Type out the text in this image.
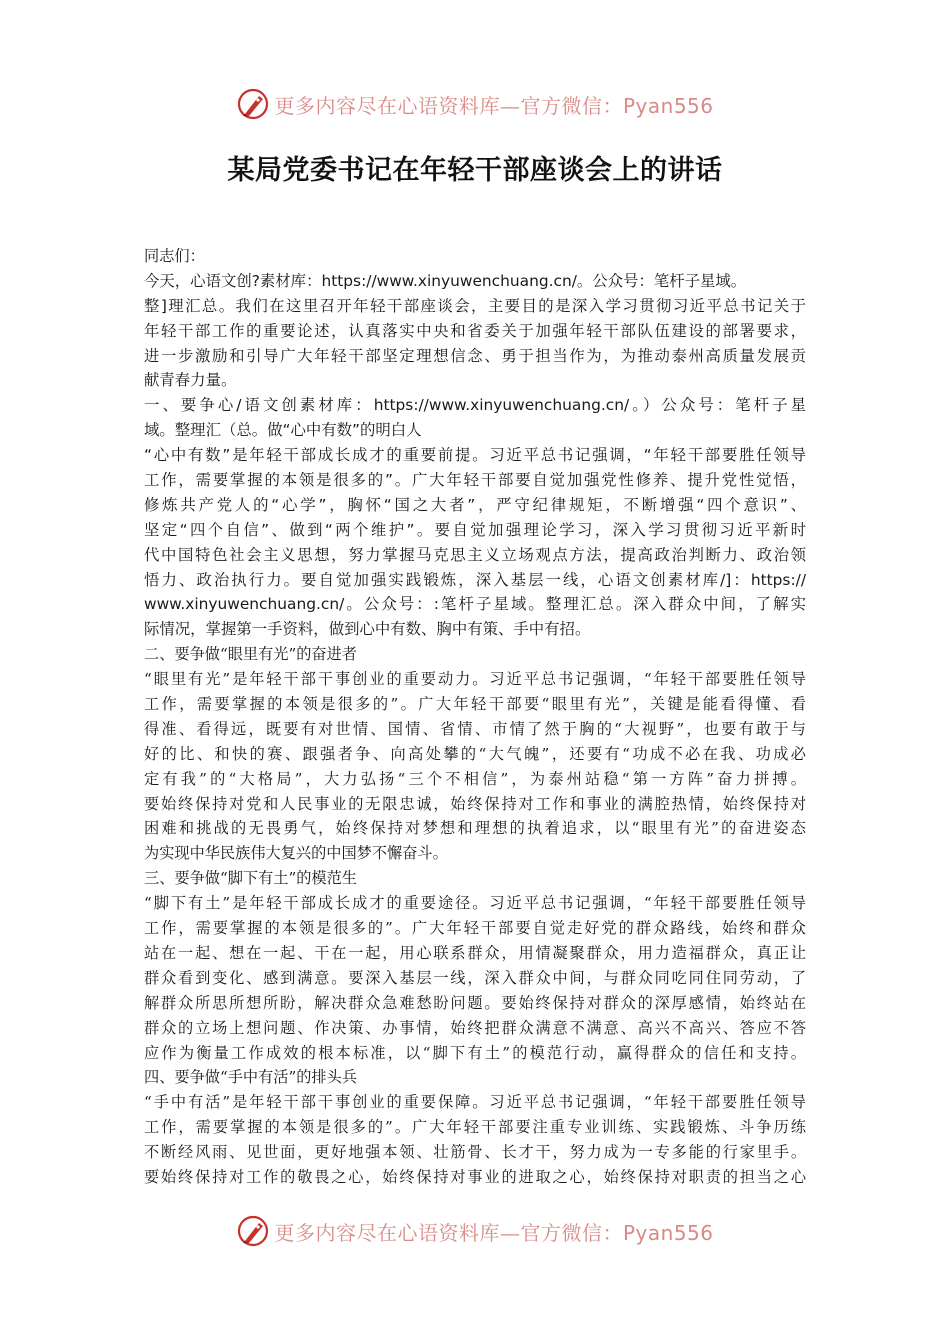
更多内容尽在心语资料库—官方微信：Pyan556
某局党委书记在年轻干部座谈会上的讲话
同志们：
今天，心语文创?素材库：https://www.xinyuwenchuang.cn/。公众号：笔杆子星域。
整]理汇总。我们在这里召开年轻干部座谈会，主要目的是深入学习贯彻习近平总书记关于
年轻干部工作的重要论述，认真落实中央和省委关于加强年轻干部队伍建设的部署要求，
进一步激励和引导广大年轻干部坚定理想信念、勇于担当作为，为推动泰州高质量发展贡
献青春力量。
一、要争心/语文创素材库：https://www.xinyuwenchuang.cn/。）公众号：笔杆子星
域。整理汇（总。做“心中有数”的明白人
“心中有数”是年轻干部成长成才的重要前提。习近平总书记强调，“年轻干部要胜任领导
工作，需要掌握的本领是很多的”。广大年轻干部要自觉加强党性修养、提升党性觉悟，
修炼共产党人的“心学”，胸怀“国之大者”，严守纪律规矩，不断增强“四个意识”、
坚定“四个自信”、做到“两个维护”。要自觉加强理论学习，深入学习贯彻习近平新时
代中国特色社会主义思想，努力掌握马克思主义立场观点方法，提高政治判断力、政治领
悟力、政治执行力。要自觉加强实践锻炼，深入基层一线，心语文创素材库/]：https://
www.xinyuwenchuang.cn/。公众号：:笔杆子星域。整理汇总。深入群众中间，了解实
际情况，掌握第一手资料，做到心中有数、胸中有策、手中有招。
二、要争做“眼里有光”的奋进者
“眼里有光”是年轻干部干事创业的重要动力。习近平总书记强调，“年轻干部要胜任领导
工作，需要掌握的本领是很多的”。广大年轻干部要“眼里有光”，关键是能看得懂、看
得准、看得远，既要有对世情、国情、省情、市情了然于胸的“大视野”，也要有敢于与
好的比、和快的赛、跟强者争、向高处攀的“大气魄”，还要有“功成不必在我、功成必
定有我”的“大格局”，大力弘扬“三个不相信”，为泰州站稳“第一方阵”奋力拼搏。
要始终保持对党和人民事业的无限忠诚，始终保持对工作和事业的满腔热情，始终保持对
困难和挑战的无畏勇气，始终保持对梦想和理想的执着追求，以“眼里有光”的奋进姿态
为实现中华民族伟大复兴的中国梦不懈奋斗。
三、要争做“脚下有土”的模范生
“脚下有土”是年轻干部成长成才的重要途径。习近平总书记强调，“年轻干部要胜任领导
工作，需要掌握的本领是很多的”。广大年轻干部要自觉走好党的群众路线，始终和群众
站在一起、想在一起、干在一起，用心联系群众，用情凝聚群众，用力造福群众，真正让
群众看到变化、感到满意。要深入基层一线，深入群众中间，与群众同吃同住同劳动，了
解群众所思所想所盼，解决群众急难愁盼问题。要始终保持对群众的深厚感情，始终站在
群众的立场上想问题、作决策、办事情，始终把群众满意不满意、高兴不高兴、答应不答
应作为衡量工作成效的根本标准，以“脚下有土”的模范行动，赢得群众的信任和支持。
四、要争做“手中有活”的排头兵
“手中有活”是年轻干部干事创业的重要保障。习近平总书记强调，“年轻干部要胜任领导
工作，需要掌握的本领是很多的”。广大年轻干部要注重专业训练、实践锻炼、斗争历练
不断经风雨、见世面，更好地强本领、壮筋骨、长才干，努力成为一专多能的行家里手。
要始终保持对工作的敬畏之心，始终保持对事业的进取之心，始终保持对职责的担当之心
更多内容尽在心语资料库—官方微信：Pyan556
